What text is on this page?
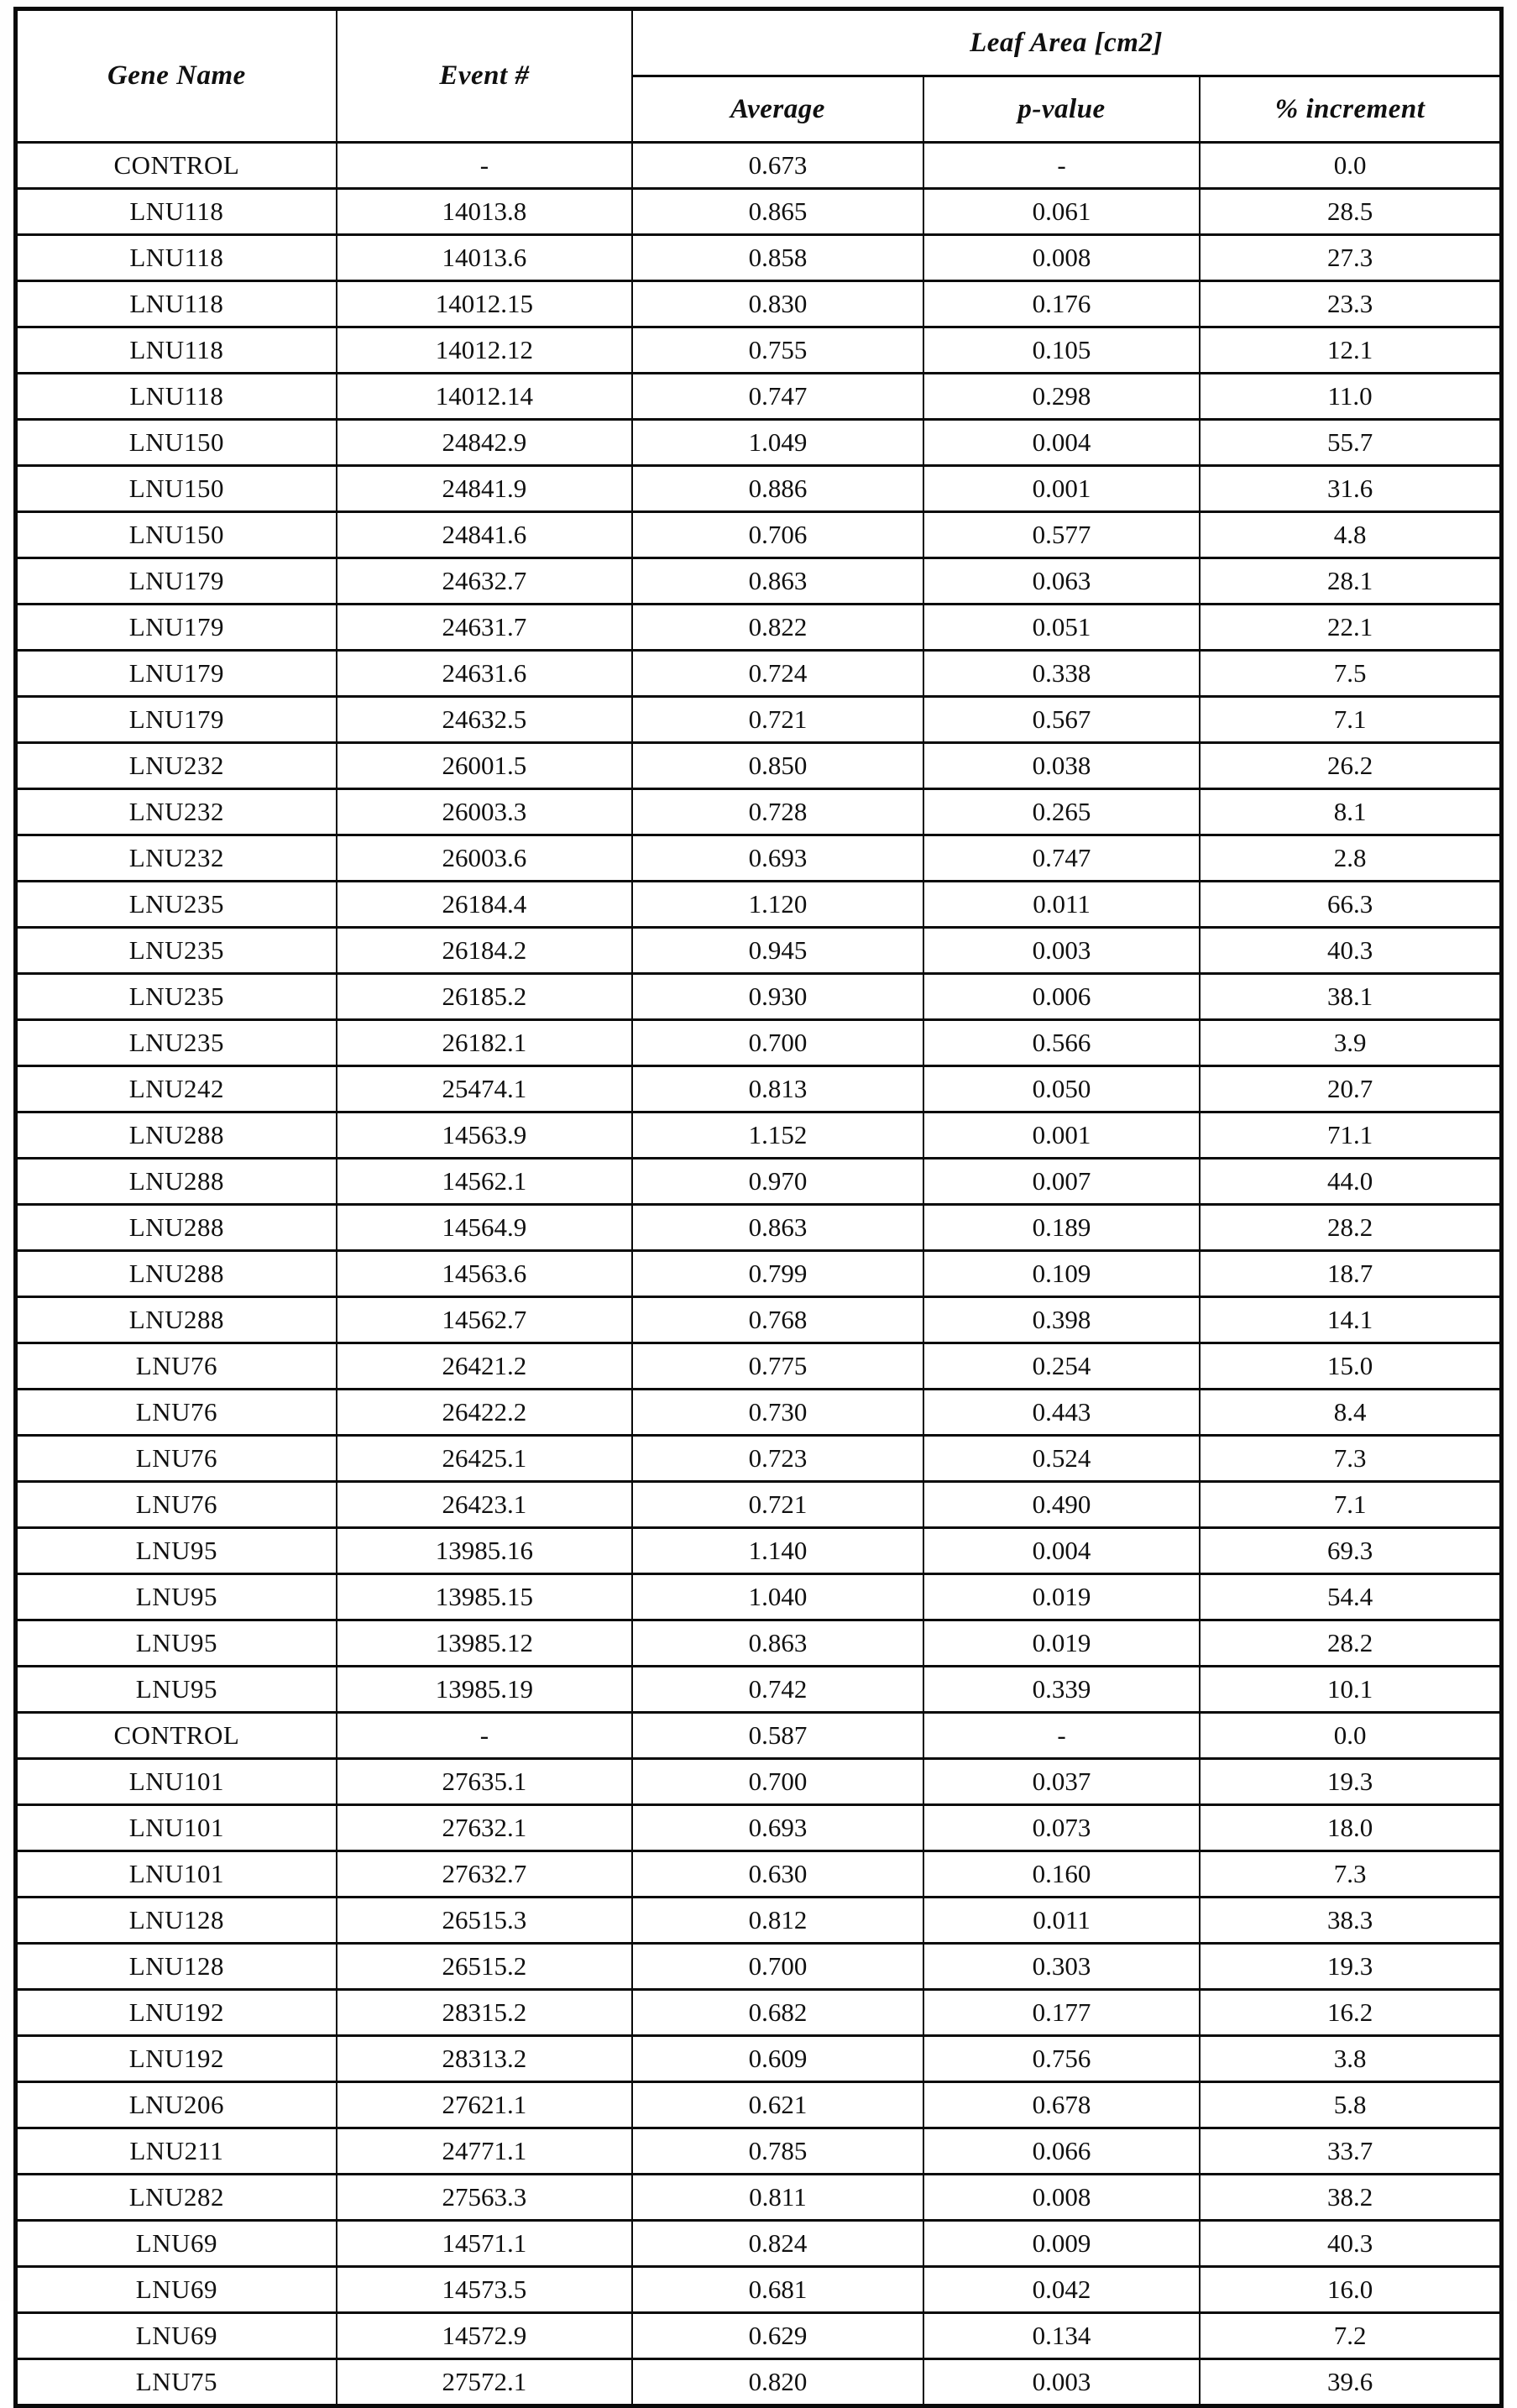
Gene Name	Event #	Leaf Area [cm2]		
		Average	p-value	% increment
CONTROL	-	0.673	-	0.0
LNU118	14013.8	0.865	0.061	28.5
LNU118	14013.6	0.858	0.008	27.3
LNU118	14012.15	0.830	0.176	23.3
LNU118	14012.12	0.755	0.105	12.1
LNU118	14012.14	0.747	0.298	11.0
LNU150	24842.9	1.049	0.004	55.7
LNU150	24841.9	0.886	0.001	31.6
LNU150	24841.6	0.706	0.577	4.8
LNU179	24632.7	0.863	0.063	28.1
LNU179	24631.7	0.822	0.051	22.1
LNU179	24631.6	0.724	0.338	7.5
LNU179	24632.5	0.721	0.567	7.1
LNU232	26001.5	0.850	0.038	26.2
LNU232	26003.3	0.728	0.265	8.1
LNU232	26003.6	0.693	0.747	2.8
LNU235	26184.4	1.120	0.011	66.3
LNU235	26184.2	0.945	0.003	40.3
LNU235	26185.2	0.930	0.006	38.1
LNU235	26182.1	0.700	0.566	3.9
LNU242	25474.1	0.813	0.050	20.7
LNU288	14563.9	1.152	0.001	71.1
LNU288	14562.1	0.970	0.007	44.0
LNU288	14564.9	0.863	0.189	28.2
LNU288	14563.6	0.799	0.109	18.7
LNU288	14562.7	0.768	0.398	14.1
LNU76	26421.2	0.775	0.254	15.0
LNU76	26422.2	0.730	0.443	8.4
LNU76	26425.1	0.723	0.524	7.3
LNU76	26423.1	0.721	0.490	7.1
LNU95	13985.16	1.140	0.004	69.3
LNU95	13985.15	1.040	0.019	54.4
LNU95	13985.12	0.863	0.019	28.2
LNU95	13985.19	0.742	0.339	10.1
CONTROL	-	0.587	-	0.0
LNU101	27635.1	0.700	0.037	19.3
LNU101	27632.1	0.693	0.073	18.0
LNU101	27632.7	0.630	0.160	7.3
LNU128	26515.3	0.812	0.011	38.3
LNU128	26515.2	0.700	0.303	19.3
LNU192	28315.2	0.682	0.177	16.2
LNU192	28313.2	0.609	0.756	3.8
LNU206	27621.1	0.621	0.678	5.8
LNU211	24771.1	0.785	0.066	33.7
LNU282	27563.3	0.811	0.008	38.2
LNU69	14571.1	0.824	0.009	40.3
LNU69	14573.5	0.681	0.042	16.0
LNU69	14572.9	0.629	0.134	7.2
LNU75	27572.1	0.820	0.003	39.6
